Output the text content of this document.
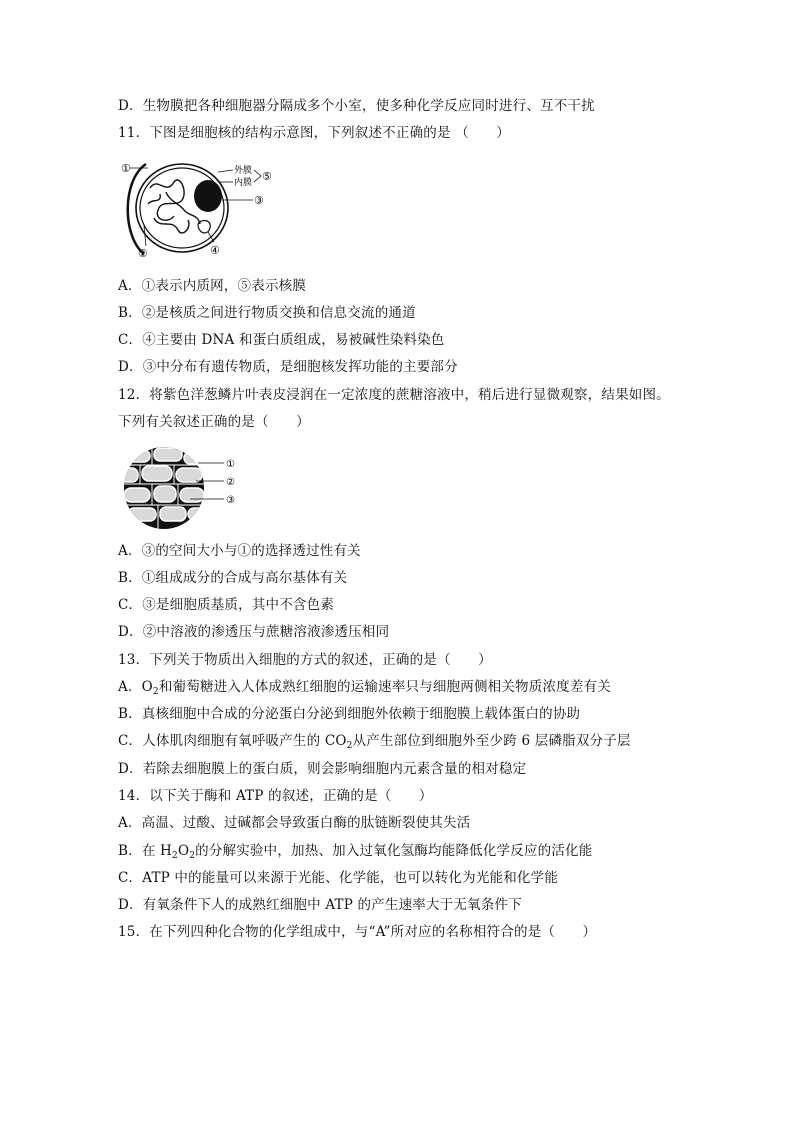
D．生物膜把各种细胞器分隔成多个小室，使多种化学反应同时进行、互不干扰
11．下图是细胞核的结构示意图，下列叙述不正确的是 （　　）
①	外膜
内膜 ⑤
③
②	④
A．①表示内质网，⑤表示核膜
B．②是核质之间进行物质交换和信息交流的通道
C．④主要由 DNA 和蛋白质组成，易被碱性染料染色
D．③中分布有遗传物质，是细胞核发挥功能的主要部分
12．将紫色洋葱鳞片叶表皮浸润在一定浓度的蔗糖溶液中，稍后进行显微观察，结果如图。
下列有关叙述正确的是（　　）
①
②
③
A．③的空间大小与①的选择透过性有关
B．①组成成分的合成与高尔基体有关
C．③是细胞质基质，其中不含色素
D．②中溶液的渗透压与蔗糖溶液渗透压相同
13．下列关于物质出入细胞的方式的叙述，正确的是（　　）
A．$O_2$和葡萄糖进入人体成熟红细胞的运输速率只与细胞两侧相关物质浓度差有关
B．真核细胞中合成的分泌蛋白分泌到细胞外依赖于细胞膜上载体蛋白的协助
C．人体肌肉细胞有氧呼吸产生的 $CO_2$从产生部位到细胞外至少跨 6 层磷脂双分子层
D．若除去细胞膜上的蛋白质，则会影响细胞内元素含量的相对稳定
14．以下关于酶和 ATP 的叙述，正确的是（　　）
A．高温、过酸、过碱都会导致蛋白酶的肽链断裂使其失活
B．在 $H_2O_2$的分解实验中，加热、加入过氧化氢酶均能降低化学反应的活化能
C．ATP 中的能量可以来源于光能、化学能，也可以转化为光能和化学能
D．有氧条件下人的成熟红细胞中 ATP 的产生速率大于无氧条件下
15．在下列四种化合物的化学组成中，与“A”所对应的名称相符合的是（　　）
